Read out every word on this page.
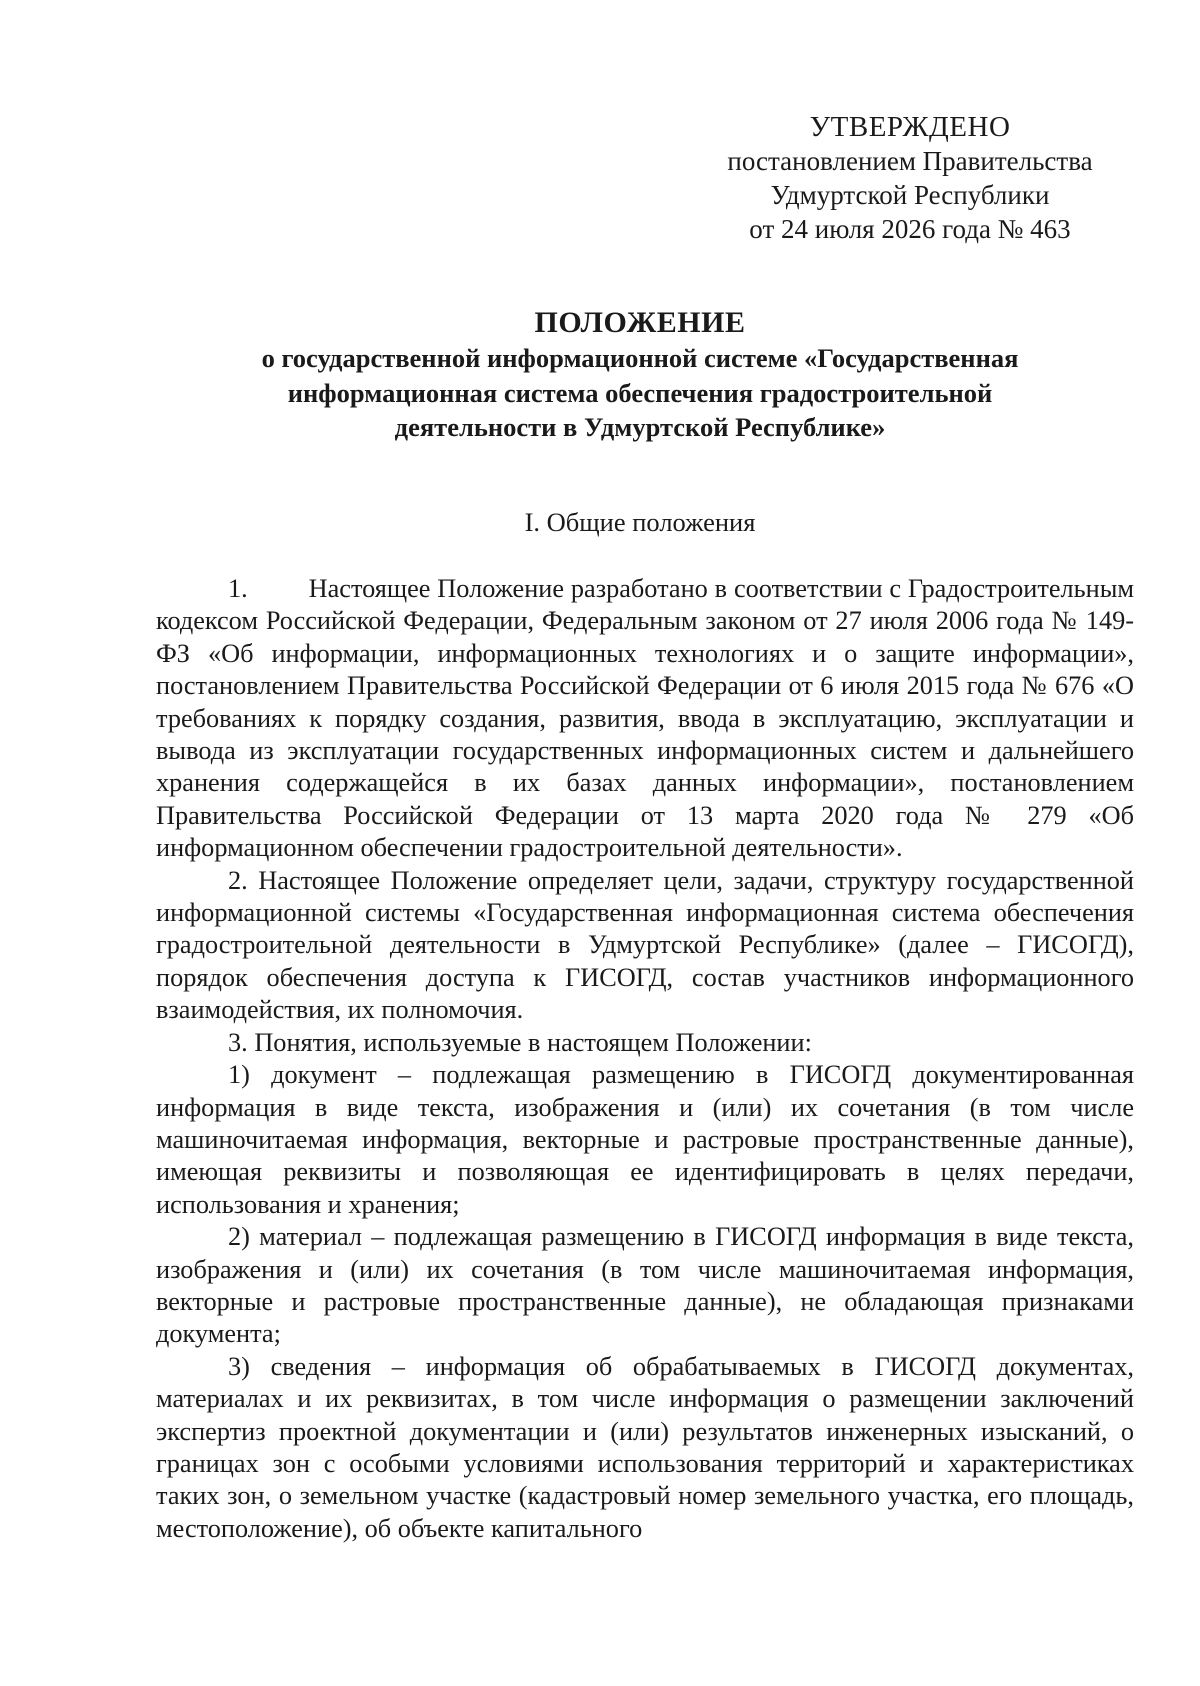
УТВЕРЖДЕНО
постановлением Правительства
Удмуртской Республики
от 24 июля 2026 года № 463
ПОЛОЖЕНИЕ
о государственной информационной системе «Государственная
информационная система обеспечения градостроительной
деятельности в Удмуртской Республике»
I. Общие положения

1. Настоящее Положение разработано в соответствии с Градостроительным кодексом Российской Федерации, Федеральным законом от 27 июля 2006 года № 149-ФЗ «Об информации, информационных технологиях и о защите информации», постановлением Правительства Российской Федерации от 6 июля 2015 года № 676 «О требованиях к порядку создания, развития, ввода в эксплуатацию, эксплуатации и вывода из эксплуатации государственных информационных систем и дальнейшего хранения содержащейся в их базах данных информации», постановлением Правительства Российской Федерации от 13 марта 2020 года № 279 «Об информационном обеспечении градостроительной деятельности».

2. Настоящее Положение определяет цели, задачи, структуру государственной информационной системы «Государственная информационная система обеспечения градостроительной деятельности в Удмуртской Республике» (далее – ГИСОГД), порядок обеспечения доступа к ГИСОГД, состав участников информационного взаимодействия, их полномочия.

3. Понятия, используемые в настоящем Положении:

1) документ – подлежащая размещению в ГИСОГД документированная информация в виде текста, изображения и (или) их сочетания (в том числе машиночитаемая информация, векторные и растровые пространственные данные), имеющая реквизиты и позволяющая ее идентифицировать в целях передачи, использования и хранения;

2) материал – подлежащая размещению в ГИСОГД информация в виде текста, изображения и (или) их сочетания (в том числе машиночитаемая информация, векторные и растровые пространственные данные), не обладающая признаками документа;

3) сведения – информация об обрабатываемых в ГИСОГД документах, материалах и их реквизитах, в том числе информация о размещении заключений экспертиз проектной документации и (или) результатов инженерных изысканий, о границах зон с особыми условиями использования территорий и характеристиках таких зон, о земельном участке (кадастровый номер земельного участка, его площадь, местоположение), об объекте капитального
